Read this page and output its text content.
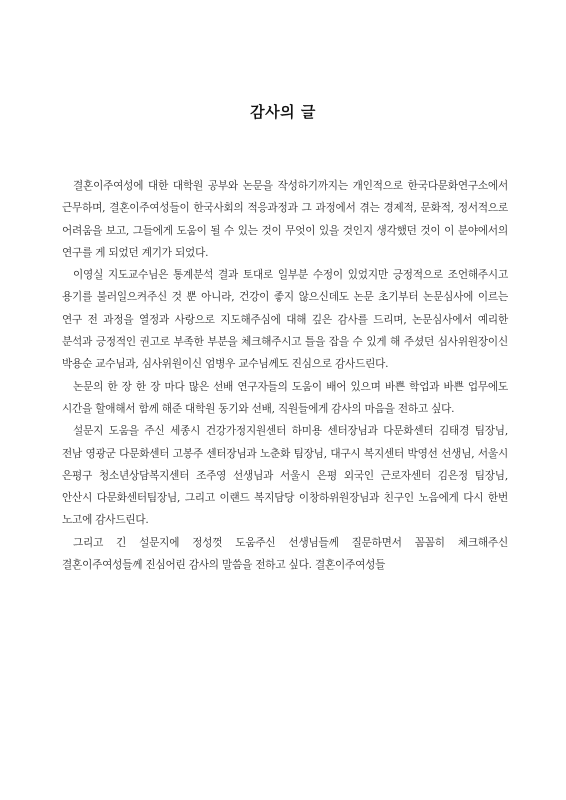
감사의 글

결혼이주여성에 대한 대학원 공부와 논문을 작성하기까지는 개인적으로 한국다문화연구소에서 근무하며, 결혼이주여성들이 한국사회의 적응과정과 그 과정에서 겪는 경제적, 문화적, 정서적으로 어려움을 보고, 그들에게 도움이 될 수 있는 것이 무엇이 있을 것인지 생각했던 것이 이 분야에서의 연구를 게 되었던 계기가 되었다.

이영실 지도교수님은 통계분석 결과 토대로 일부분 수정이 있었지만 긍정적으로 조언해주시고 용기를 불러일으켜주신 것 뿐 아니라, 건강이 좋지 않으신데도 논문 초기부터 논문심사에 이르는 연구 전 과정을 열정과 사랑으로 지도해주심에 대해 깊은 감사를 드리며, 논문심사에서 예리한 분석과 긍정적인 권고로 부족한 부분을 체크해주시고 틀을 잡을 수 있게 해 주셨던 심사위원장이신 박용순 교수님과, 심사위원이신 엄병우 교수님께도 진심으로 감사드린다.

논문의 한 장 한 장 마다 많은 선배 연구자들의 도움이 배어 있으며 바쁜 학업과 바쁜 업무에도 시간을 할애해서 함께 해준 대학원 동기와 선배, 직원들에게 감사의 마음을 전하고 싶다.

설문지 도움을 주신 세종시 건강가정지원센터 하미용 센터장님과 다문화센터 김태경 팀장님, 전남 영광군 다문화센터 고봉주 센터장님과 노춘화 팀장님, 대구시 복지센터 박영선 선생님, 서울시 은평구 청소년상담복지센터 조주영 선생님과 서울시 은평 외국인 근로자센터 김은정 팀장님, 안산시 다문화센터팀장님, 그리고 이랜드 복지담당 이창하위원장님과 친구인 노음에게 다시 한번 노고에 감사드린다.

그리고 긴 설문지에 정성껏 도움주신 선생님들께 질문하면서 꼼꼼히 체크해주신 결혼이주여성들께 진심어린 감사의 말씀을 전하고 싶다. 결혼이주여성들
